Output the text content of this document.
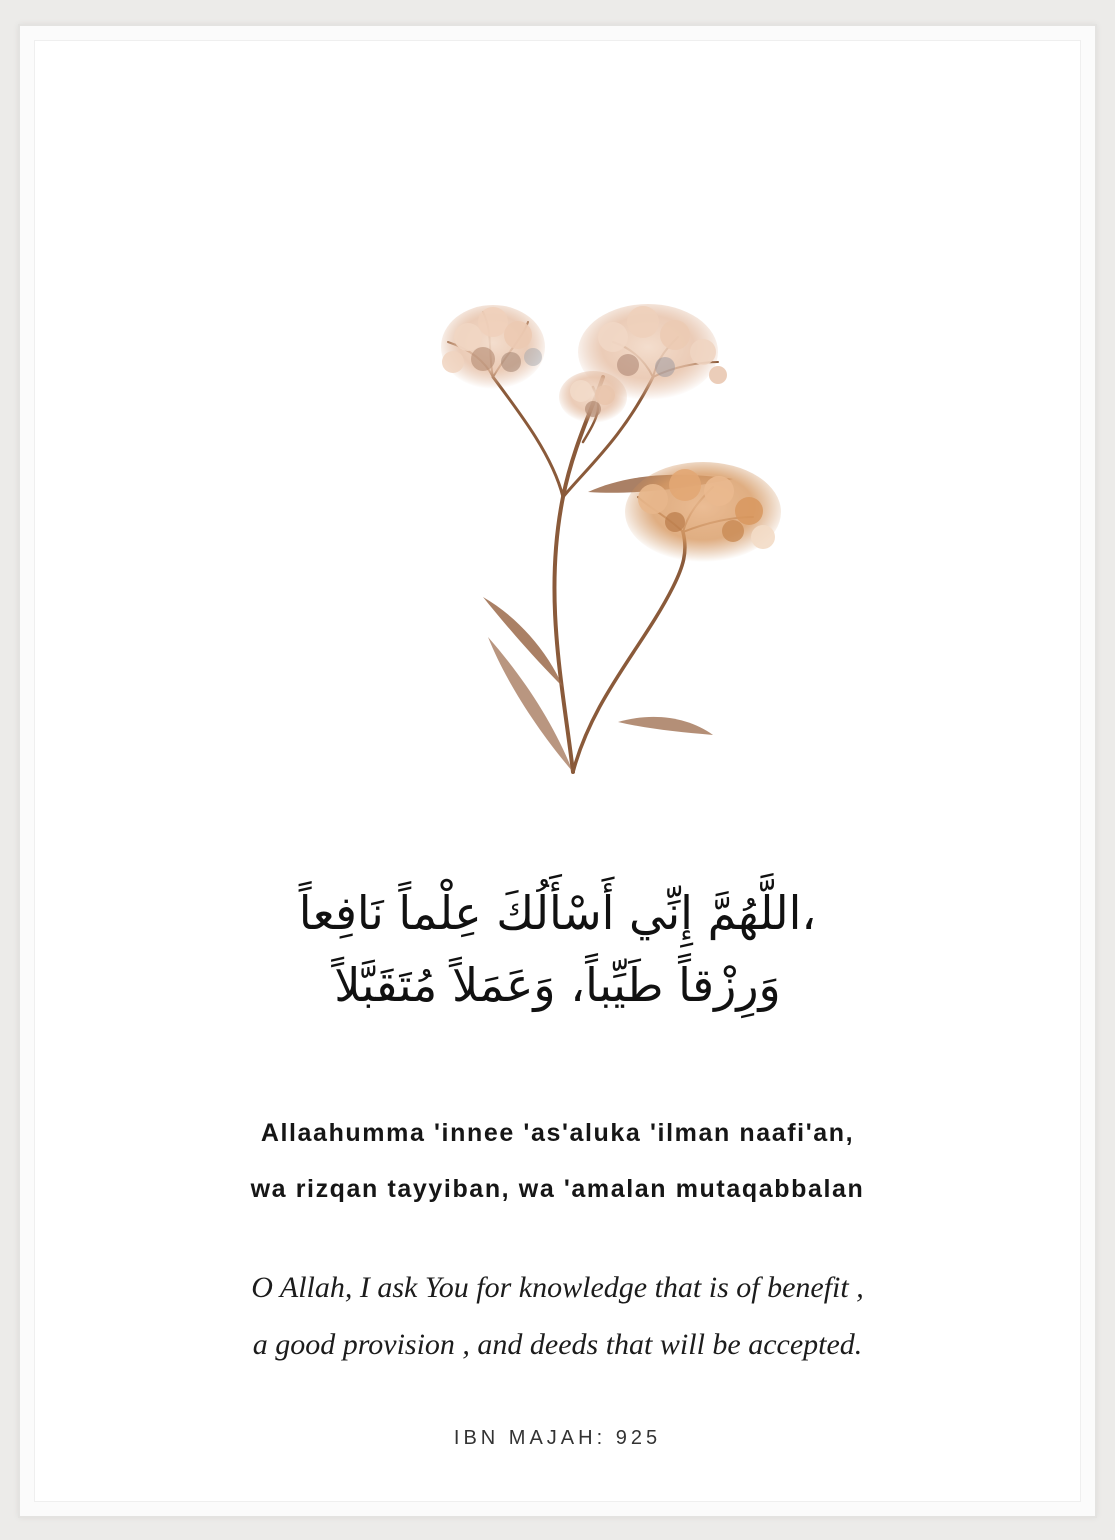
،اللَّهُمَّ إِنِّي أَسْأَلُكَ عِلْماً نَافِعاً
وَرِزْقاً طَيِّباً، وَعَمَلاً مُتَقَبَّلاً
Allaahumma 'innee 'as'aluka 'ilman naafi'an,
wa rizqan tayyiban, wa 'amalan mutaqabbalan
O Allah, I ask You for knowledge that is of benefit ,
a good provision , and deeds that will be accepted.
IBN MAJAH: 925
